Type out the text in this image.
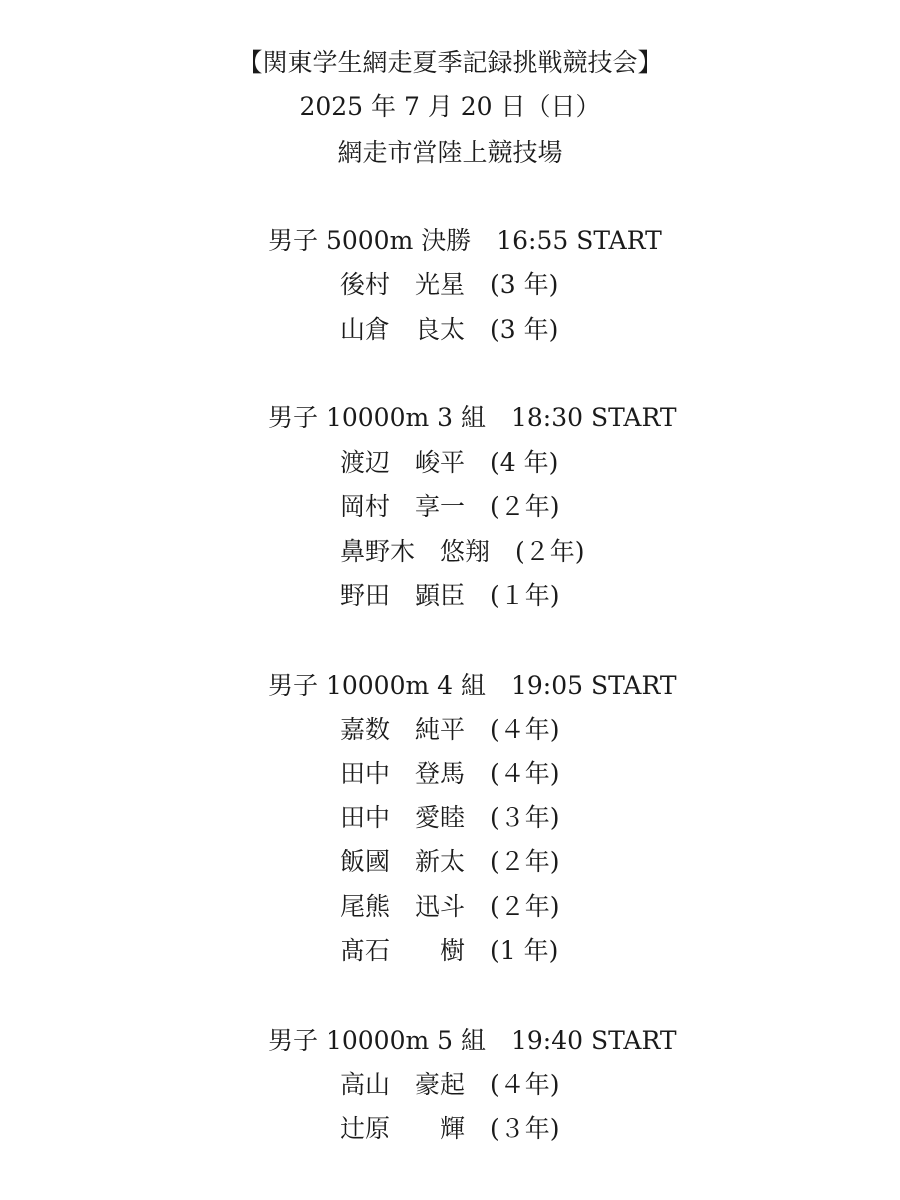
【関東学生網走夏季記録挑戦競技会】
2025 年 7 月 20 日（日）
網走市営陸上競技場
男子 5000m 決勝　16:55 START
後村　光星　(3 年)
山倉　良太　(3 年)
男子 10000m 3 組　18:30 START
渡辺　峻平　(4 年)
岡村　享一　(２年)
鼻野木　悠翔　(２年)
野田　顕臣　(１年)
男子 10000m 4 組　19:05 START
嘉数　純平　(４年)
田中　登馬　(４年)
田中　愛睦　(３年)
飯國　新太　(２年)
尾熊　迅斗　(２年)
髙石　　樹　(1 年)
男子 10000m 5 組　19:40 START
高山　豪起　(４年)
辻原　　輝　(３年)
